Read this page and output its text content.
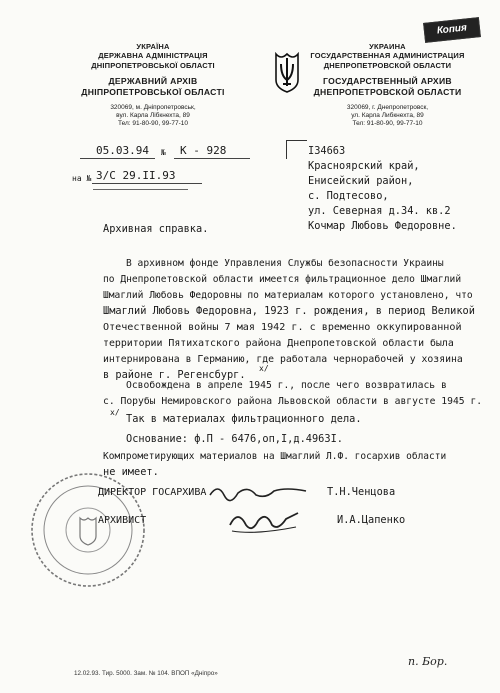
Копия
УКРАЇНА
ДЕРЖАВНА АДМІНІСТРАЦІЯ
ДНІПРОПЕТРОВСЬКОЇ ОБЛАСТІ
ДЕРЖАВНИЙ АРХІВ
ДНІПРОПЕТРОВСЬКОЇ ОБЛАСТІ
320069, м. Дніпропетровськ,
вул. Карла Лібкнехта, 89
Тел: 91-80-90, 99-77-10
УКРАИНА
ГОСУДАРСТВЕННАЯ АДМИНИСТРАЦИЯ
ДНЕПРОПЕТРОВСКОЙ ОБЛАСТИ
ГОСУДАРСТВЕННЫЙ АРХИВ
ДНЕПРОПЕТРОВСКОЙ ОБЛАСТИ
320069, г. Днепропетровск,
ул. Карла Либкнехта, 89
Тел: 91-80-90, 99-77-10
05.03.94 № К - 928
на № 3/С 29.II.93
I34663
Красноярский край,
Енисейский район,
с. Подтесово,
ул. Северная д.34. кв.2
Кочмар Любовь Федоровне.
Архивная справка.
В архивном фонде Управления Службы безопасности Украины
по Днепропетовской области имеется фильтрационное дело Шмаглий
Шмаглий Любовь Федоровны по материалам которого установлено, что
Шмаглий Любовь Федоровна, 1923 г. рождения, в период Великой
Отечественной войны 7 мая 1942 г. с временно оккупированной
территории Пятихатского района Днепропетовской области была
интернирована в Германию, где работала чернорабочей у хозяина
в районе г. Регенсбург.
x/
Освобождена в апреле 1945 г., после чего возвратилась в
с. Порубы Немировского района Львовской области в августе 1945 г.
x/
Так в материалах фильтрационного дела.
Основание: ф.П - 6476,оп,I,д.4963I.
Компрометирующих материалов на Шмаглий Л.Ф. госархив области
не имеет.
ДИРЕКТОР ГОСАРХИВА	Т.Н.Ченцова
АРХИВИСТ	И.А.Цапенко
п. Бор.
12.02.93. Тир. 5000. Зам. № 104. ВПОП «Дніпро»
